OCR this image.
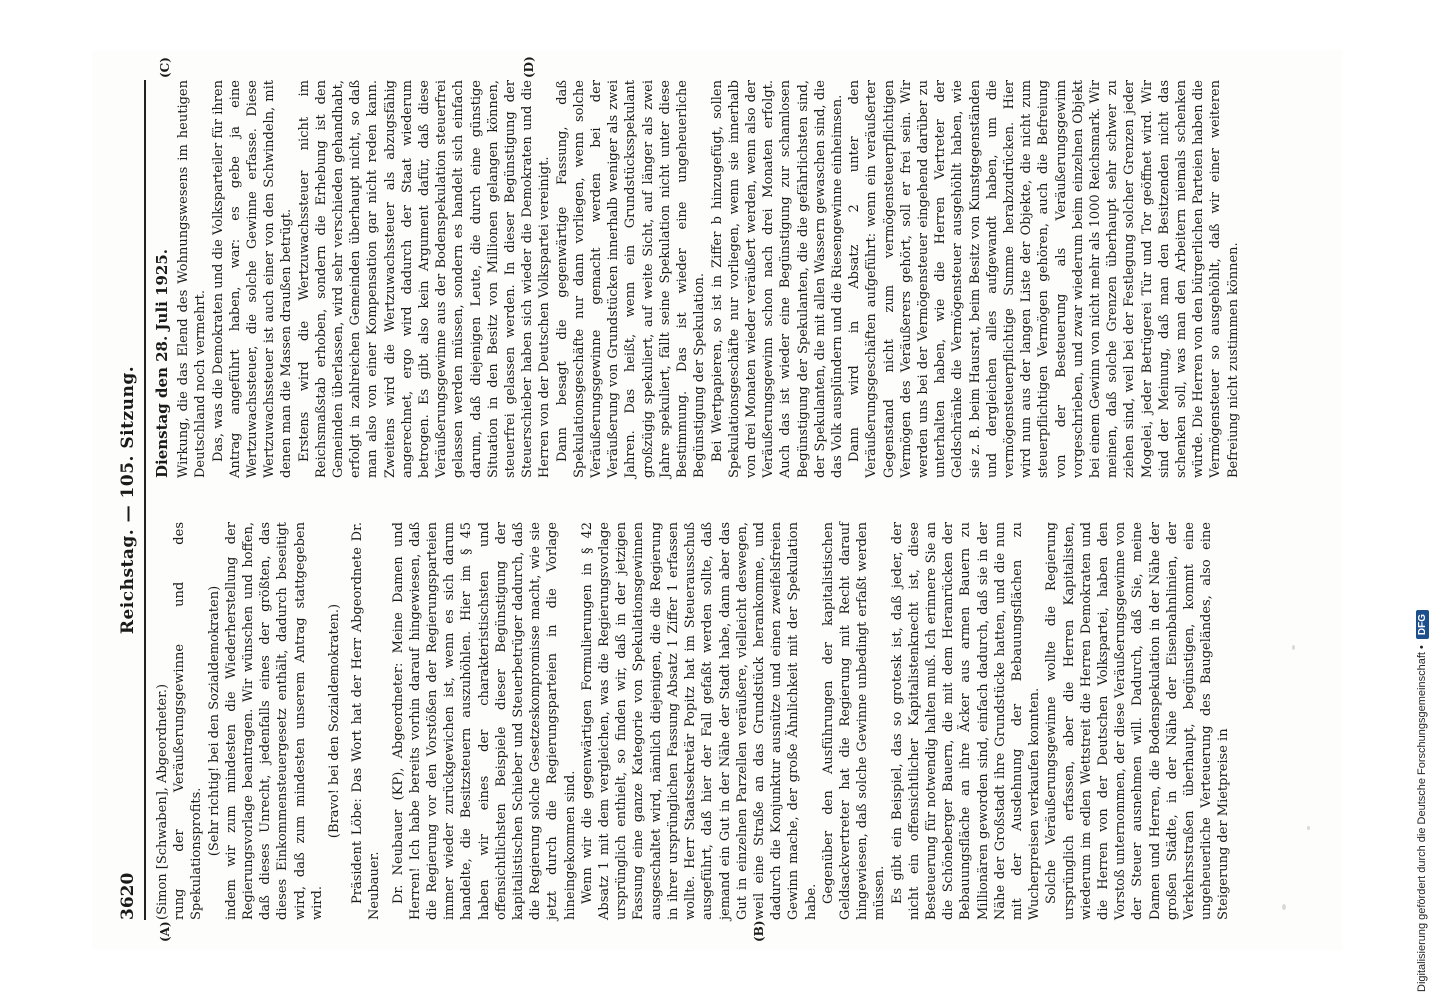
3620
Reichstag. — 105. Sitzung.
(A)	(B)

(Simon [Schwaben], Abgeordneter.) rung der Veräußerungsgewinne und des Spekulationsprofits. (Sehr richtig! bei den Sozialdemokraten) indem wir zum mindesten die Wiederherstellung der Regierungsvorlage beantragen. Wir wünschen und hoffen, daß dieses Unrecht, jedenfalls eines der größten, das dieses Einkommensteuergesetz enthält, dadurch beseitigt wird, daß zum mindesten unserem Antrag stattgegeben wird.

(Bravo! bei den Sozialdemokraten.) Präsident Löbe: Das Wort hat der Herr Abgeordnete Dr. Neubauer. Dr. Neubauer (KP), Abgeordneter: Meine Damen und Herren! Ich habe bereits vorhin darauf hingewiesen, daß die Regierung vor den Vorstößen der Regierungsparteien immer wieder zurückgewichen ist, wenn es sich darum handelte, die Besitzsteuern auszuhöhlen. Hier im § 45 haben wir eines der charakteristischsten und offensichtlichsten Beispiele dieser Begünstigung der kapitalistischen Schieber und Steuerbetrüger dadurch, daß die Regierung solche Gesetzeskompromisse macht, wie sie jetzt durch die Regierungsparteien in die Vorlage hineingekommen sind. Wenn wir die gegenwärtigen Formulierungen in § 42 Absatz 1 mit dem vergleichen, was die Regierungsvorlage ursprünglich enthielt, so finden wir, daß in der jetzigen Fassung eine ganze Kategorie von Spekulationsgewinnen ausgeschaltet wird, nämlich diejenigen, die die Regierung in ihrer ursprünglichen Fassung Absatz 1 Ziffer 1 erfassen wollte. Herr Staatssekretär Popitz hat im Steuerausschuß ausgeführt, daß hier der Fall gefaßt werden sollte, daß jemand ein Gut in der Nähe der Stadt habe, dann aber das Gut in einzelnen Parzellen veräußere, vielleicht deswegen, weil eine Straße an das Grundstück herankomme, und dadurch die Konjunktur ausnütze und einen zweifelsfreien Gewinn mache, der große Ähnlichkeit mit der Spekulation habe. Gegenüber den Ausführungen der kapitalistischen Geldsackvertreter hat die Regierung mit Recht darauf hingewiesen, daß solche Gewinne unbedingt erfaßt werden müssen. Es gibt ein Beispiel, das so grotesk ist, daß jeder, der nicht ein offensichtlicher Kapitalistenknecht ist, diese Besteuerung für notwendig halten muß. Ich erinnere Sie an die Schöneberger Bauern, die mit dem Heranrücken der Bebauungsfläche an ihre Äcker aus armen Bauern zu Millionären geworden sind, einfach dadurch, daß sie in der Nähe der Großstadt ihre Grundstücke hatten, und die nun mit der Ausdehnung der Bebauungsflächen zu Wucherpreisen verkaufen konnten. Solche Veräußerungsgewinne wollte die Regierung ursprünglich erfassen, aber die Herren Kapitalisten, wiederum im edlen Wettstreit die Herren Demokraten und die Herren von der Deutschen Volkspartei, haben den Vorstoß unternommen, der diese Veräußerungsgewinne von der Steuer ausnehmen will. Dadurch, daß Sie, meine Damen und Herren, die Bodenspekulation in der Nähe der großen Städte, in der Nähe der Eisenbahnlinien, der Verkehrsstraßen überhaupt, begünstigen, kommt eine ungeheuerliche Verteuerung des Baugeländes, also eine Steigerung der Mietpreise in

(C)	(D)

Dienstag den 28. Juli 1925. Wirkung, die das Elend des Wohnungswesens im heutigen Deutschland noch vermehrt. Das, was die Demokraten und die Volksparteiler für ihren Antrag angeführt haben, war: es gebe ja eine Wertzuwachssteuer, die solche Gewinne erfasse. Diese Wertzuwachssteuer ist auch einer von den Schwindeln, mit denen man die Massen draußen betrügt. Erstens wird die Wertzuwachssteuer nicht im Reichsmaßstab erhoben, sondern die Erhebung ist den Gemeinden überlassen, wird sehr verschieden gehandhabt, erfolgt in zahlreichen Gemeinden überhaupt nicht, so daß man also von einer Kompensation gar nicht reden kann. Zweitens wird die Wertzuwachssteuer als abzugsfähig angerechnet, ergo wird dadurch der Staat wiederum betrogen. Es gibt also kein Argument dafür, daß diese Veräußerungsgewinne aus der Bodenspekulation steuerfrei gelassen werden müssen, sondern es handelt sich einfach darum, daß diejenigen Leute, die durch eine günstige Situation in den Besitz von Millionen gelangen können, steuerfrei gelassen werden. In dieser Begünstigung der Steuerschieber haben sich wieder die Demokraten und die Herren von der Deutschen Volkspartei vereinigt. Dann besagt die gegenwärtige Fassung, daß Spekulationsgeschäfte nur dann vorliegen, wenn solche Veräußerungsgewinne gemacht werden bei der Veräußerung von Grundstücken innerhalb weniger als zwei Jahren. Das heißt, wenn ein Grundstücksspekulant großzügig spekuliert, auf weite Sicht, auf länger als zwei Jahre spekuliert, fällt seine Spekulation nicht unter diese Bestimmung. Das ist wieder eine ungeheuerliche Begünstigung der Spekulation. Bei Wertpapieren, so ist in Ziffer b hinzugefügt, sollen Spekulationsgeschäfte nur vorliegen, wenn sie innerhalb von drei Monaten wieder veräußert werden, wenn also der Veräußerungsgewinn schon nach drei Monaten erfolgt. Auch das ist wieder eine Begünstigung zur schamlosen Begünstigung der Spekulanten, die die gefährlichsten sind, der Spekulanten, die mit allen Wassern gewaschen sind, die das Volk ausplündern und die Riesengewinne einheimsen. Dann wird in Absatz 2 unter den Veräußerungsgeschäften aufgeführt: wenn ein veräußerter Gegenstand nicht zum vermögensteuerpflichtigen Vermögen des Veräußerers gehört, soll er frei sein. Wir werden uns bei der Vermögensteuer eingehend darüber zu unterhalten haben, wie die Herren Vertreter der Geldschränke die Vermögensteuer ausgehöhlt haben, wie sie z. B. beim Hausrat, beim Besitz von Kunstgegenständen und dergleichen alles aufgewandt haben, um die vermögensteuerpflichtige Summe herabzudrücken. Hier wird nun aus der langen Liste der Objekte, die nicht zum steuerpflichtigen Vermögen gehören, auch die Befreiung von der Besteuerung als Veräußerungsgewinn vorgeschrieben, und zwar wiederum beim einzelnen Objekt bei einem Gewinn von nicht mehr als 1000 Reichsmark. Wir meinen, daß solche Grenzen überhaupt sehr schwer zu ziehen sind, weil bei der Festlegung solcher Grenzen jeder Mogelei, jeder Betrügerei Tür und Tor geöffnet wird. Wir sind der Meinung, daß man den Besitzenden nicht das schenken soll, was man den Arbeitern niemals schenken würde. Die Herren von den bürgerlichen Parteien haben die Vermögensteuer so ausgehöhlt, daß wir einer weiteren Befreiung nicht zustimmen können.

Digitalisierung gefördert durch die Deutsche Forschungsgemeinschaft •
DFG
